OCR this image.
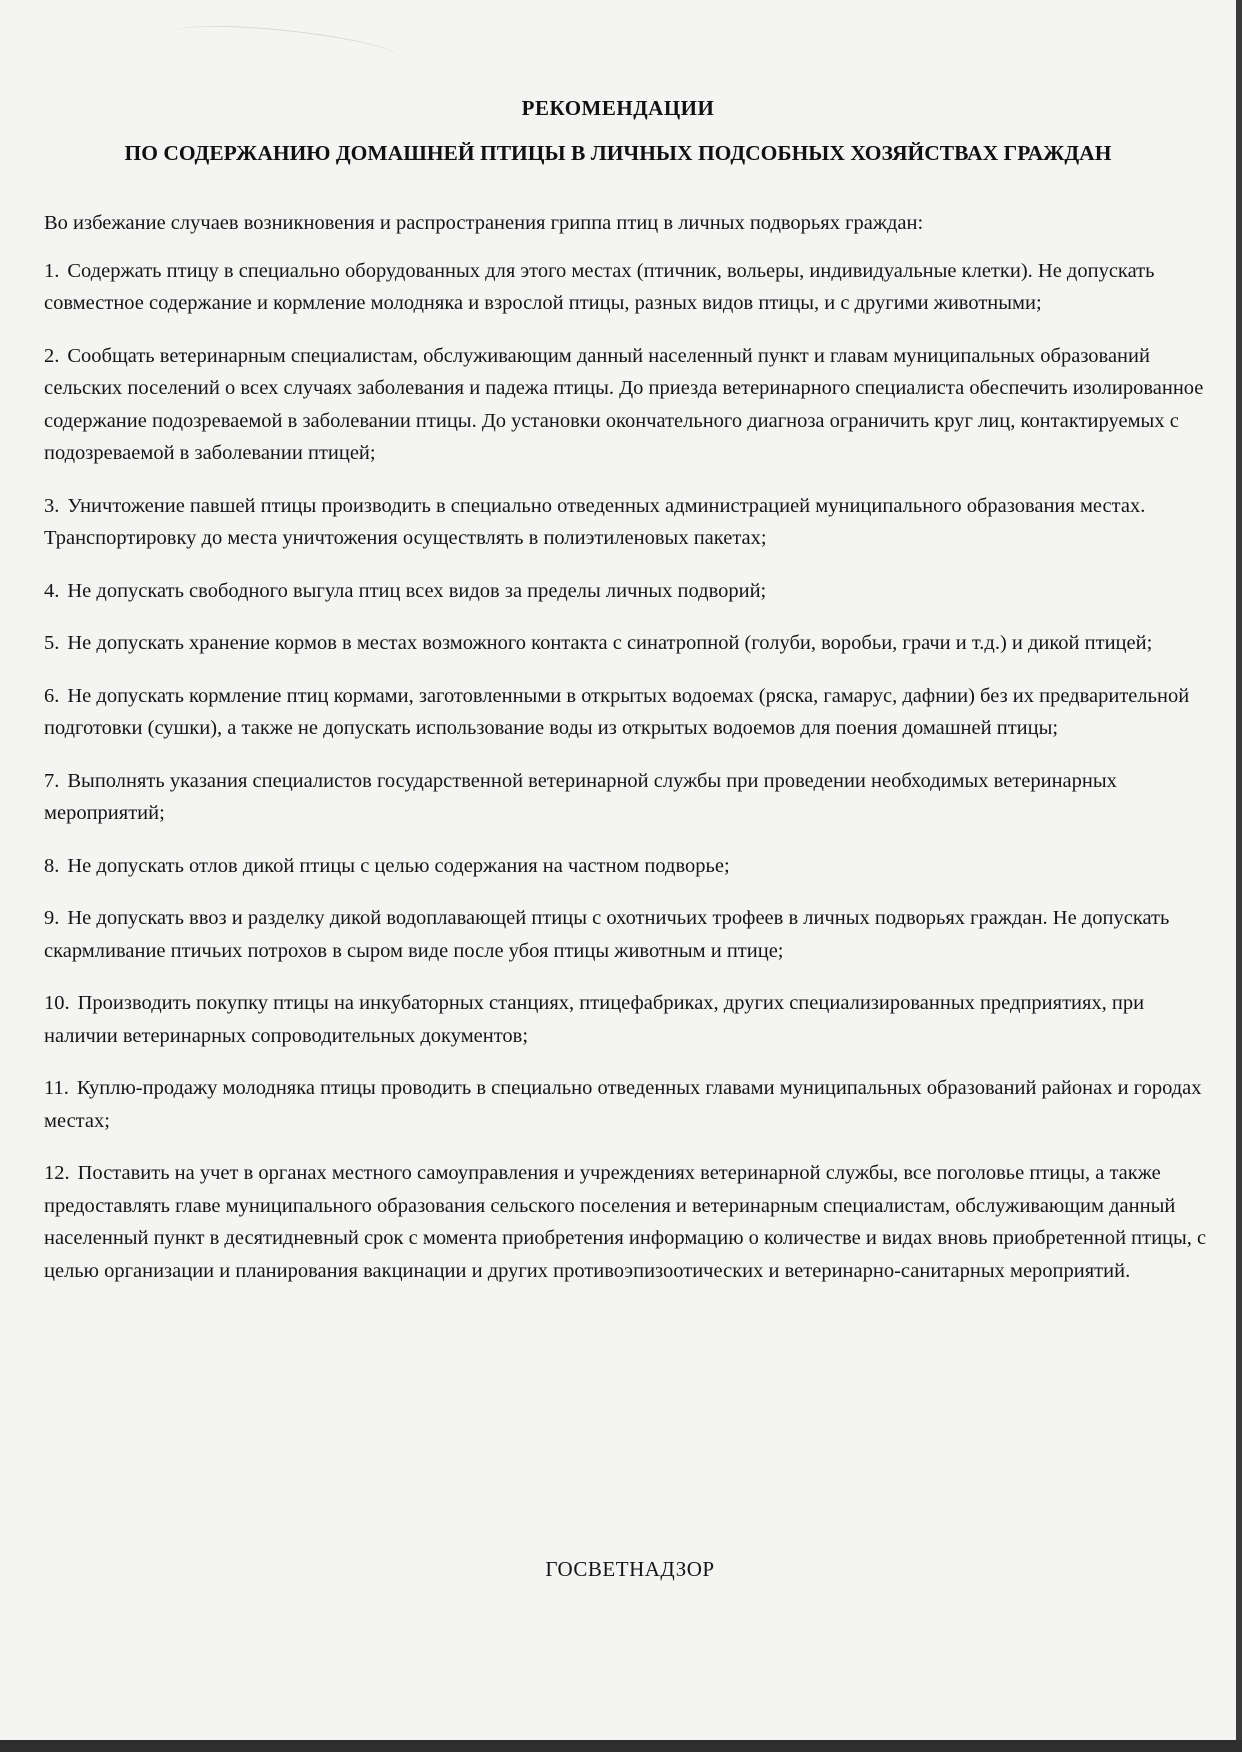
РЕКОМЕНДАЦИИ
ПО СОДЕРЖАНИЮ ДОМАШНЕЙ ПТИЦЫ В ЛИЧНЫХ ПОДСОБНЫХ ХОЗЯЙСТВАХ ГРАЖДАН

Во избежание случаев возникновения и распространения гриппа птиц в личных подворьях граждан:

1. Содержать птицу в специально оборудованных для этого местах (птичник, вольеры, индивидуальные клетки). Не допускать совместное содержание и кормление молодняка и взрослой птицы, разных видов птицы, и с другими животными;

2. Сообщать ветеринарным специалистам, обслуживающим данный населенный пункт и главам муниципальных образований сельских поселений о всех случаях заболевания и падежа птицы. До приезда ветеринарного специалиста обеспечить изолированное содержание подозреваемой в заболевании птицы. До установки окончательного диагноза ограничить круг лиц, контактируемых с подозреваемой в заболевании птицей;

3. Уничтожение павшей птицы производить в специально отведенных администрацией муниципального образования местах. Транспортировку до места уничтожения осуществлять в полиэтиленовых пакетах;

4. Не допускать свободного выгула птиц всех видов за пределы личных подворий;

5. Не допускать хранение кормов в местах возможного контакта с синатропной (голуби, воробьи, грачи и т.д.) и дикой птицей;

6. Не допускать кормление птиц кормами, заготовленными в открытых водоемах (ряска, гамарус, дафнии) без их предварительной подготовки (сушки), а также не допускать использование воды из открытых водоемов для поения домашней птицы;

7. Выполнять указания специалистов государственной ветеринарной службы при проведении необходимых ветеринарных мероприятий;

8. Не допускать отлов дикой птицы с целью содержания на частном подворье;

9. Не допускать ввоз и разделку дикой водоплавающей птицы с охотничьих трофеев в личных подворьях граждан. Не допускать скармливание птичьих потрохов в сыром виде после убоя птицы животным и птице;

10. Производить покупку птицы на инкубаторных станциях, птицефабриках, других специализированных предприятиях, при наличии ветеринарных сопроводительных документов;

11. Куплю-продажу молодняка птицы проводить в специально отведенных главами муниципальных образований районах и городах местах;

12. Поставить на учет в органах местного самоуправления и учреждениях ветеринарной службы, все поголовье птицы, а также предоставлять главе муниципального образования сельского поселения и ветеринарным специалистам, обслуживающим данный населенный пункт в десятидневный срок с момента приобретения информацию о количестве и видах вновь приобретенной птицы, с целью организации и планирования вакцинации и других противоэпизоотических и ветеринарно-санитарных мероприятий.

ГОСВЕТНАДЗОР
